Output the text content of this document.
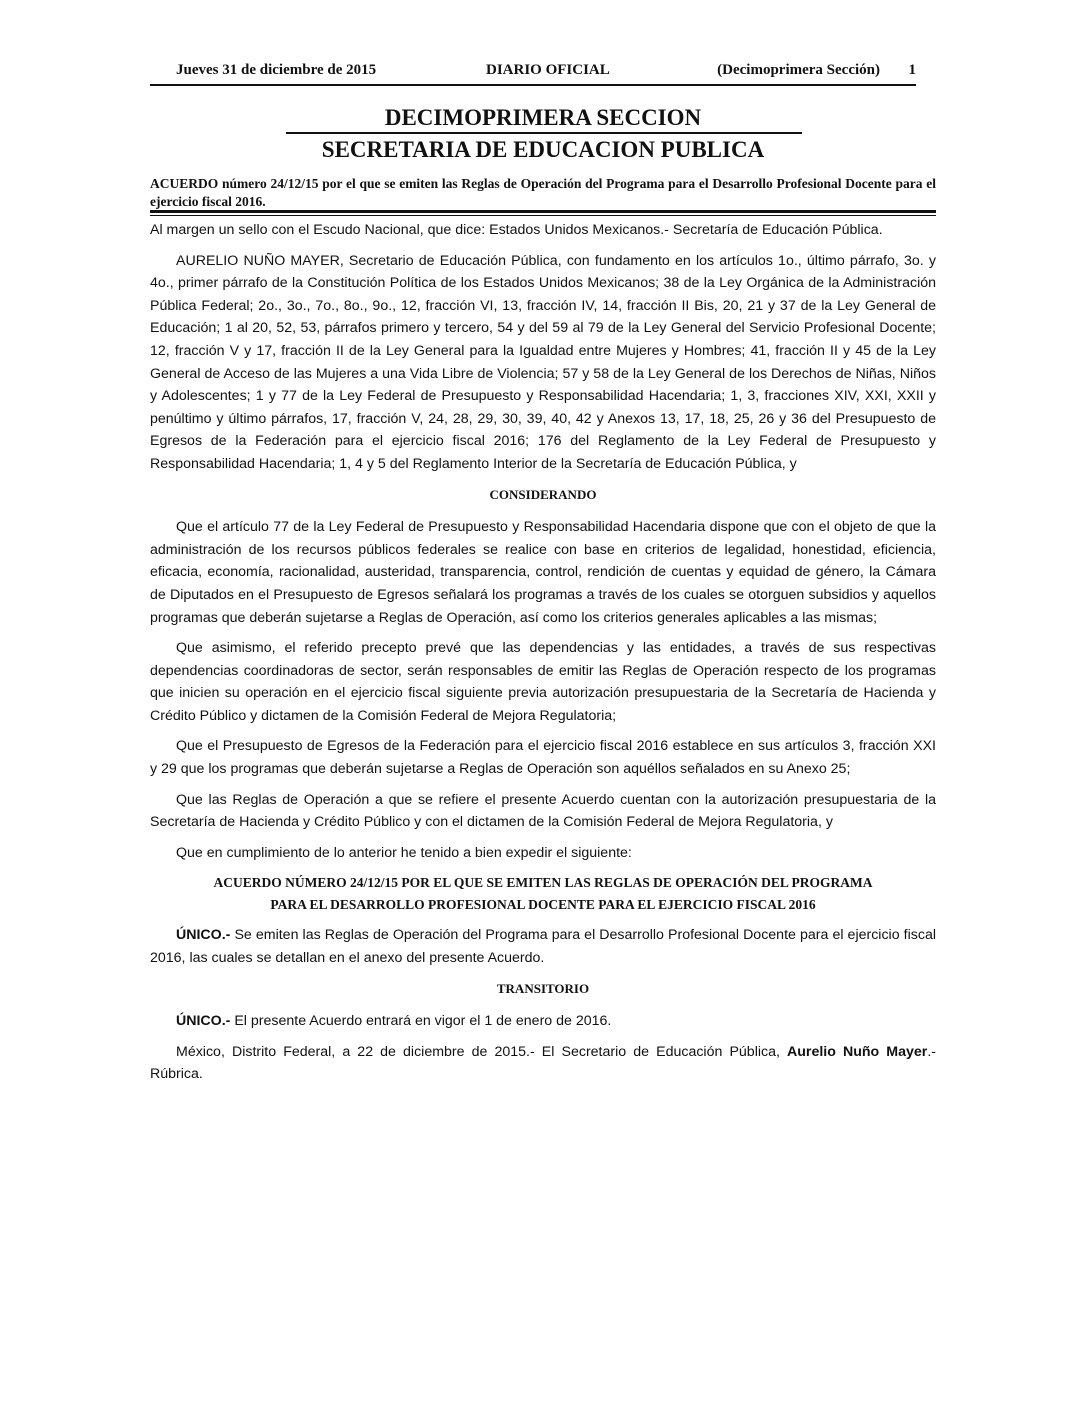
Jueves 31 de diciembre de 2015	DIARIO OFICIAL	(Decimoprimera Sección) 1
DECIMOPRIMERA SECCION
SECRETARIA DE EDUCACION PUBLICA

ACUERDO número 24/12/15 por el que se emiten las Reglas de Operación del Programa para el Desarrollo Profesional Docente para el ejercicio fiscal 2016.

Al margen un sello con el Escudo Nacional, que dice: Estados Unidos Mexicanos.- Secretaría de Educación Pública.

AURELIO NUÑO MAYER, Secretario de Educación Pública, con fundamento en los artículos 1o., último párrafo, 3o. y 4o., primer párrafo de la Constitución Política de los Estados Unidos Mexicanos; 38 de la Ley Orgánica de la Administración Pública Federal; 2o., 3o., 7o., 8o., 9o., 12, fracción VI, 13, fracción IV, 14, fracción II Bis, 20, 21 y 37 de la Ley General de Educación; 1 al 20, 52, 53, párrafos primero y tercero, 54 y del 59 al 79 de la Ley General del Servicio Profesional Docente; 12, fracción V y 17, fracción II de la Ley General para la Igualdad entre Mujeres y Hombres; 41, fracción II y 45 de la Ley General de Acceso de las Mujeres a una Vida Libre de Violencia; 57 y 58 de la Ley General de los Derechos de Niñas, Niños y Adolescentes; 1 y 77 de la Ley Federal de Presupuesto y Responsabilidad Hacendaria; 1, 3, fracciones XIV, XXI, XXII y penúltimo y último párrafos, 17, fracción V, 24, 28, 29, 30, 39, 40, 42 y Anexos 13, 17, 18, 25, 26 y 36 del Presupuesto de Egresos de la Federación para el ejercicio fiscal 2016; 176 del Reglamento de la Ley Federal de Presupuesto y Responsabilidad Hacendaria; 1, 4 y 5 del Reglamento Interior de la Secretaría de Educación Pública, y

CONSIDERANDO

Que el artículo 77 de la Ley Federal de Presupuesto y Responsabilidad Hacendaria dispone que con el objeto de que la administración de los recursos públicos federales se realice con base en criterios de legalidad, honestidad, eficiencia, eficacia, economía, racionalidad, austeridad, transparencia, control, rendición de cuentas y equidad de género, la Cámara de Diputados en el Presupuesto de Egresos señalará los programas a través de los cuales se otorguen subsidios y aquellos programas que deberán sujetarse a Reglas de Operación, así como los criterios generales aplicables a las mismas;

Que asimismo, el referido precepto prevé que las dependencias y las entidades, a través de sus respectivas dependencias coordinadoras de sector, serán responsables de emitir las Reglas de Operación respecto de los programas que inicien su operación en el ejercicio fiscal siguiente previa autorización presupuestaria de la Secretaría de Hacienda y Crédito Público y dictamen de la Comisión Federal de Mejora Regulatoria;

Que el Presupuesto de Egresos de la Federación para el ejercicio fiscal 2016 establece en sus artículos 3, fracción XXI y 29 que los programas que deberán sujetarse a Reglas de Operación son aquéllos señalados en su Anexo 25;

Que las Reglas de Operación a que se refiere el presente Acuerdo cuentan con la autorización presupuestaria de la Secretaría de Hacienda y Crédito Público y con el dictamen de la Comisión Federal de Mejora Regulatoria, y

Que en cumplimiento de lo anterior he tenido a bien expedir el siguiente:

ACUERDO NÚMERO 24/12/15 POR EL QUE SE EMITEN LAS REGLAS DE OPERACIÓN DEL PROGRAMA
PARA EL DESARROLLO PROFESIONAL DOCENTE PARA EL EJERCICIO FISCAL 2016

ÚNICO.- Se emiten las Reglas de Operación del Programa para el Desarrollo Profesional Docente para el ejercicio fiscal 2016, las cuales se detallan en el anexo del presente Acuerdo.

TRANSITORIO

ÚNICO.- El presente Acuerdo entrará en vigor el 1 de enero de 2016.

México, Distrito Federal, a 22 de diciembre de 2015.- El Secretario de Educación Pública, Aurelio Nuño Mayer.- Rúbrica.
